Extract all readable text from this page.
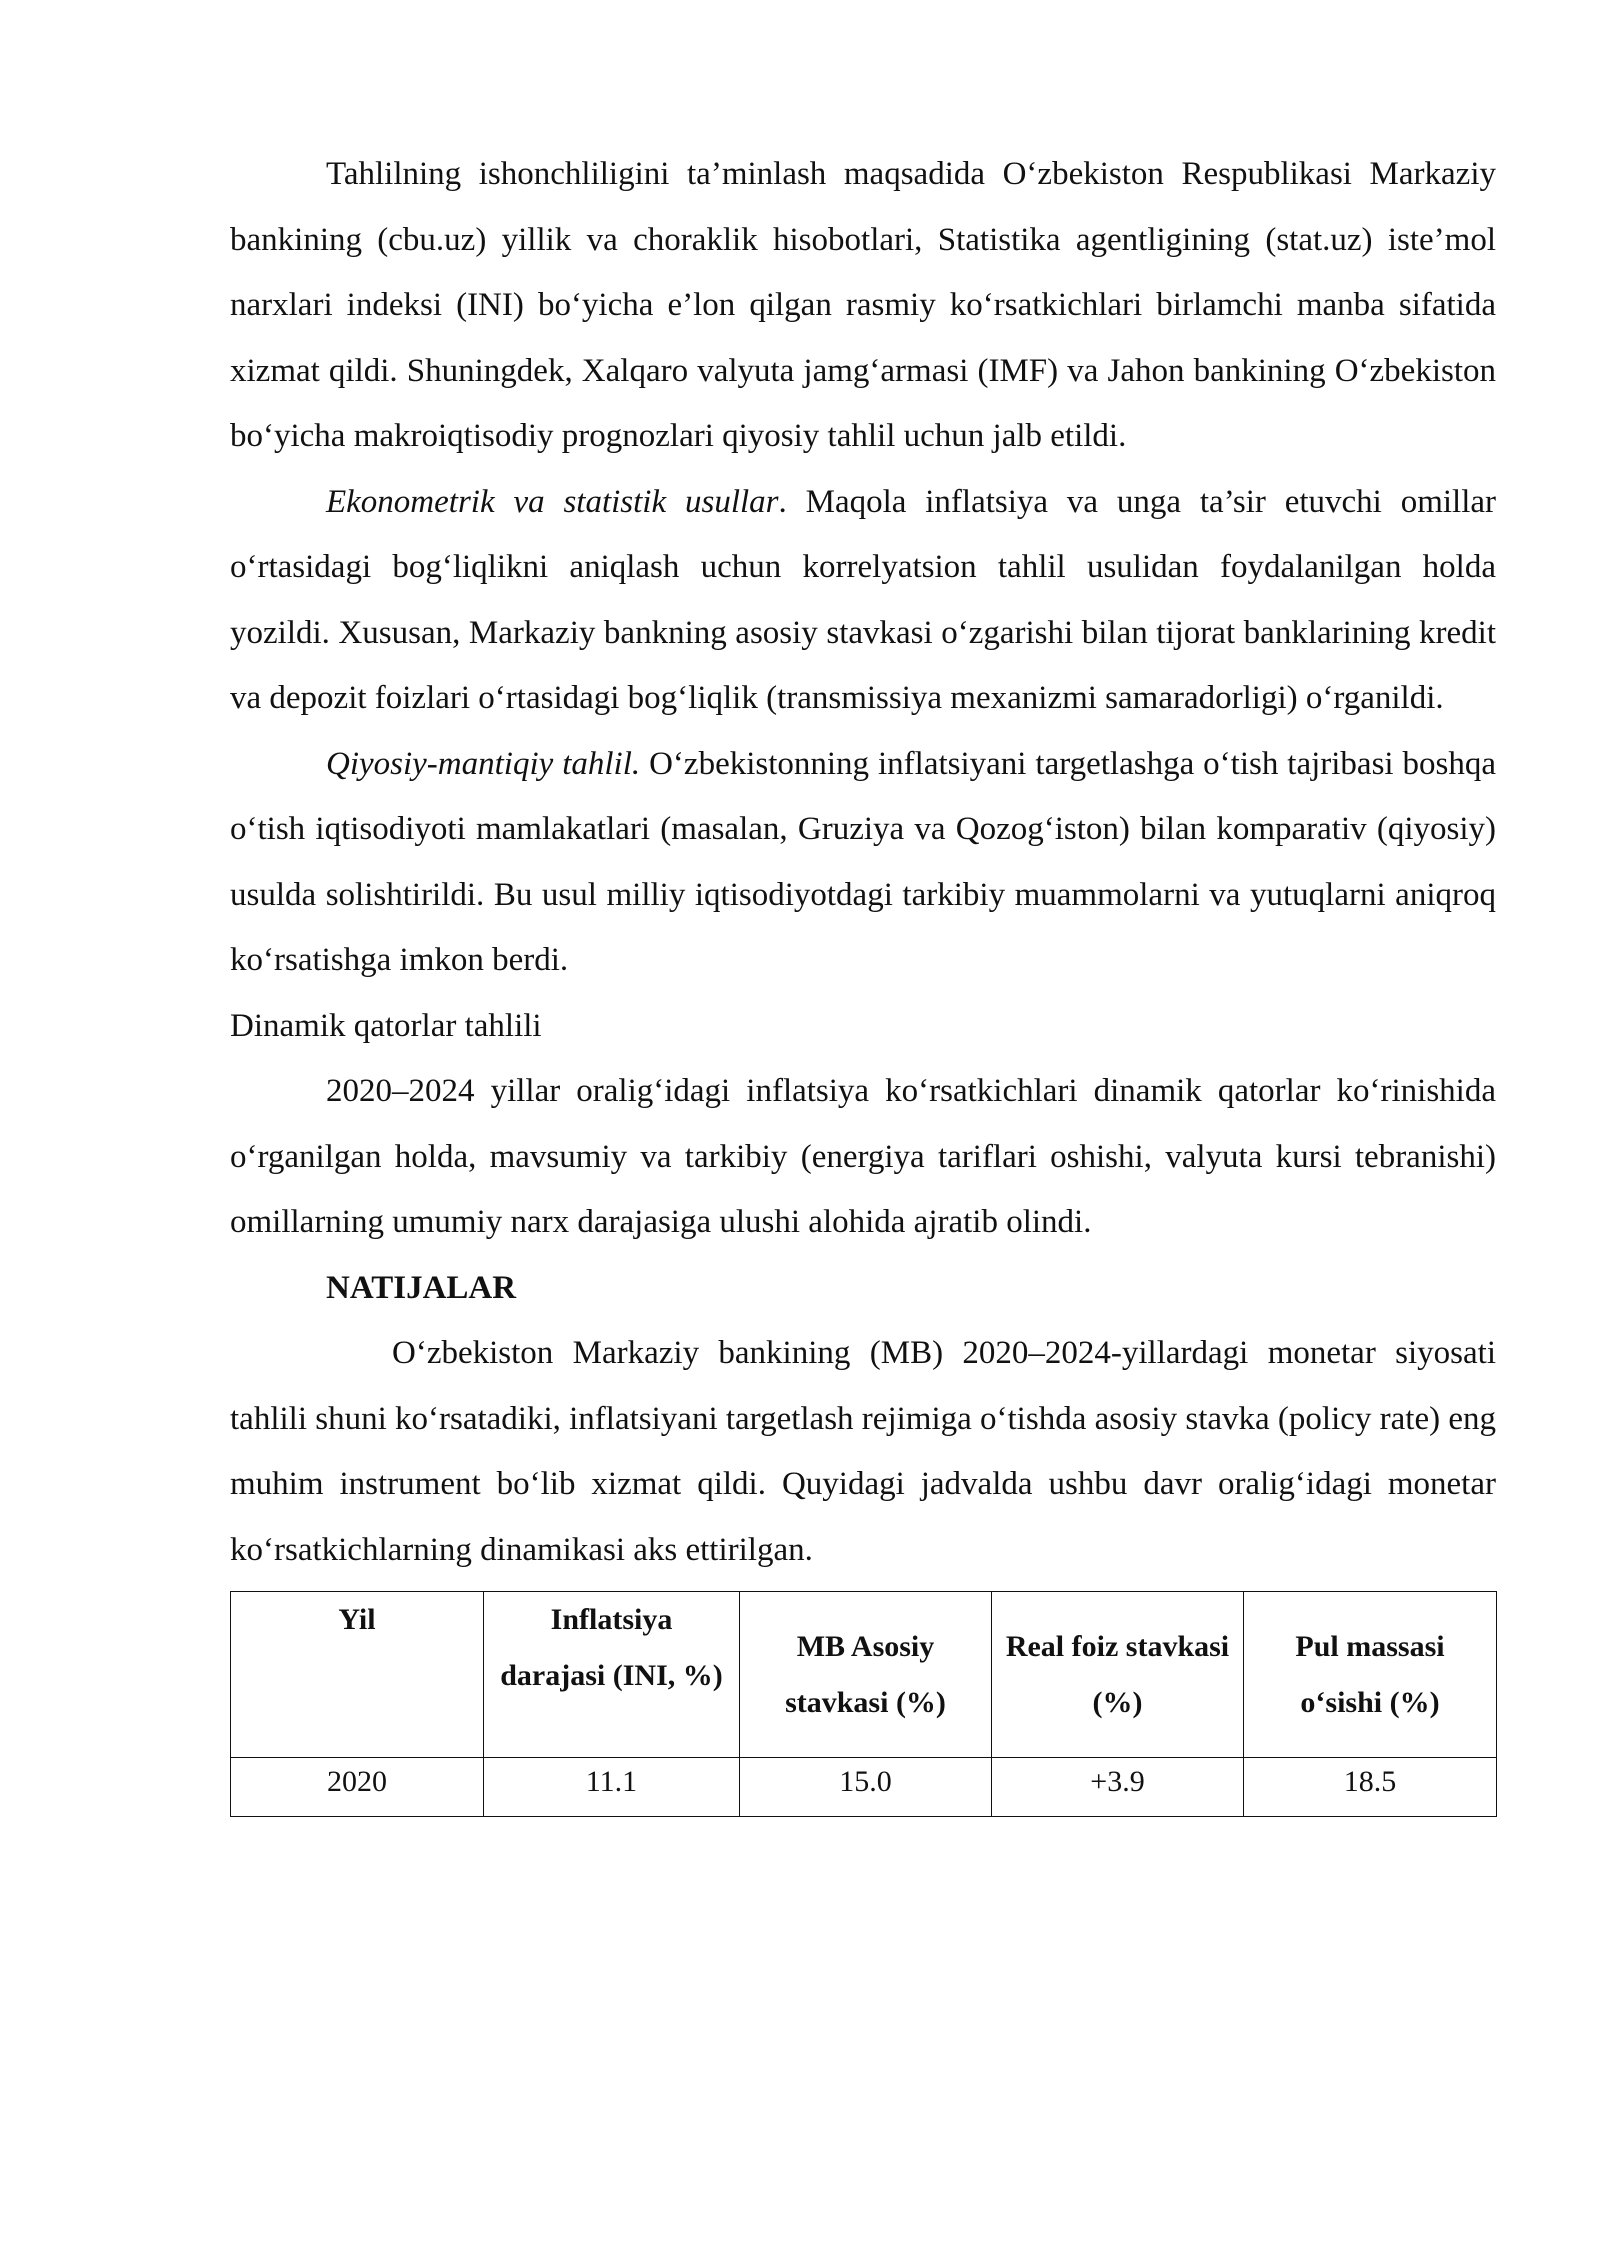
Tahlilning ishonchliligini ta’minlash maqsadida O‘zbekiston Respublikasi Markaziy bankining (cbu.uz) yillik va choraklik hisobotlari, Statistika agentligining (stat.uz) iste’mol narxlari indeksi (INI) bo‘yicha e’lon qilgan rasmiy ko‘rsatkichlari birlamchi manba sifatida xizmat qildi. Shuningdek, Xalqaro valyuta jamg‘armasi (IMF) va Jahon bankining O‘zbekiston bo‘yicha makroiqtisodiy prognozlari qiyosiy tahlil uchun jalb etildi.

Ekonometrik va statistik usullar. Maqola inflatsiya va unga ta’sir etuvchi omillar o‘rtasidagi bog‘liqlikni aniqlash uchun korrelyatsion tahlil usulidan foydalanilgan holda yozildi. Xususan, Markaziy bankning asosiy stavkasi o‘zgarishi bilan tijorat banklarining kredit va depozit foizlari o‘rtasidagi bog‘liqlik (transmissiya mexanizmi samaradorligi) o‘rganildi.

Qiyosiy-mantiqiy tahlil. O‘zbekistonning inflatsiyani targetlashga o‘tish tajribasi boshqa o‘tish iqtisodiyoti mamlakatlari (masalan, Gruziya va Qozog‘iston) bilan komparativ (qiyosiy) usulda solishtirildi. Bu usul milliy iqtisodiyotdagi tarkibiy muammolarni va yutuqlarni aniqroq ko‘rsatishga imkon berdi.

Dinamik qatorlar tahlili

2020–2024 yillar oralig‘idagi inflatsiya ko‘rsatkichlari dinamik qatorlar ko‘rinishida o‘rganilgan holda, mavsumiy va tarkibiy (energiya tariflari oshishi, valyuta kursi tebranishi) omillarning umumiy narx darajasiga ulushi alohida ajratib olindi.

NATIJALAR

O‘zbekiston Markaziy bankining (MB) 2020–2024-yillardagi monetar siyosati tahlili shuni ko‘rsatadiki, inflatsiyani targetlash rejimiga o‘tishda asosiy stavka (policy rate) eng muhim instrument bo‘lib xizmat qildi. Quyidagi jadvalda ushbu davr oralig‘idagi monetar ko‘rsatkichlarning dinamikasi aks ettirilgan.

Yil	Inflatsiya darajasi (INI, %)	MB Asosiy stavkasi (%)	Real foiz stavkasi (%)	Pul massasi o‘sishi (%)
2020	11.1	15.0	+3.9	18.5
